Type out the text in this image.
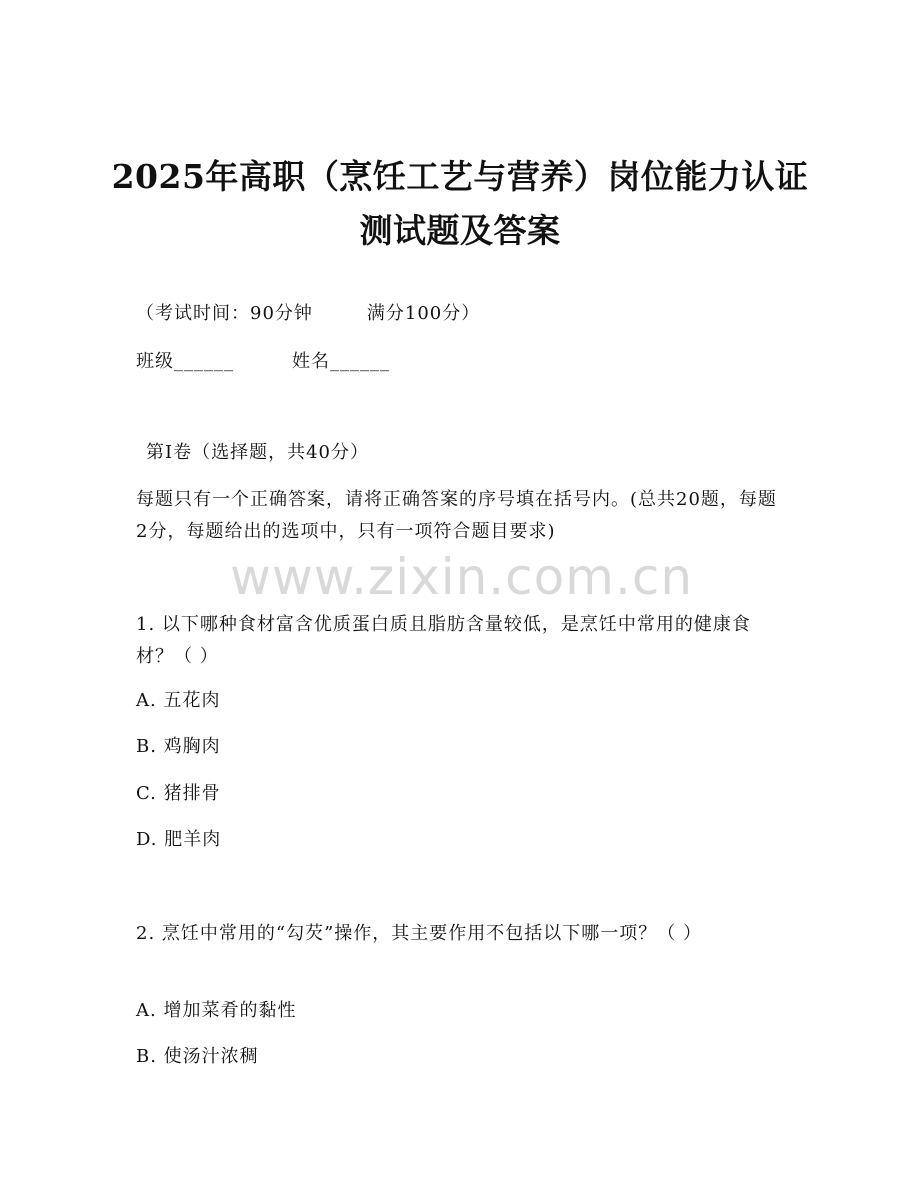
2025年高职（烹饪工艺与营养）岗位能力认证测试题及答案
（考试时间：90分钟	满分100分）
班级______	姓名______
第Ⅰ卷（选择题，共40分）
每题只有一个正确答案，请将正确答案的序号填在括号内。(总共20题，每题2分，每题给出的选项中，只有一项符合题目要求)
www.zixin.com.cn
1. 以下哪种食材富含优质蛋白质且脂肪含量较低，是烹饪中常用的健康食材？（ ）
A. 五花肉
B. 鸡胸肉
C. 猪排骨
D. 肥羊肉
2. 烹饪中常用的“勾芡”操作，其主要作用不包括以下哪一项？（ ）
A. 增加菜肴的黏性
B. 使汤汁浓稠
